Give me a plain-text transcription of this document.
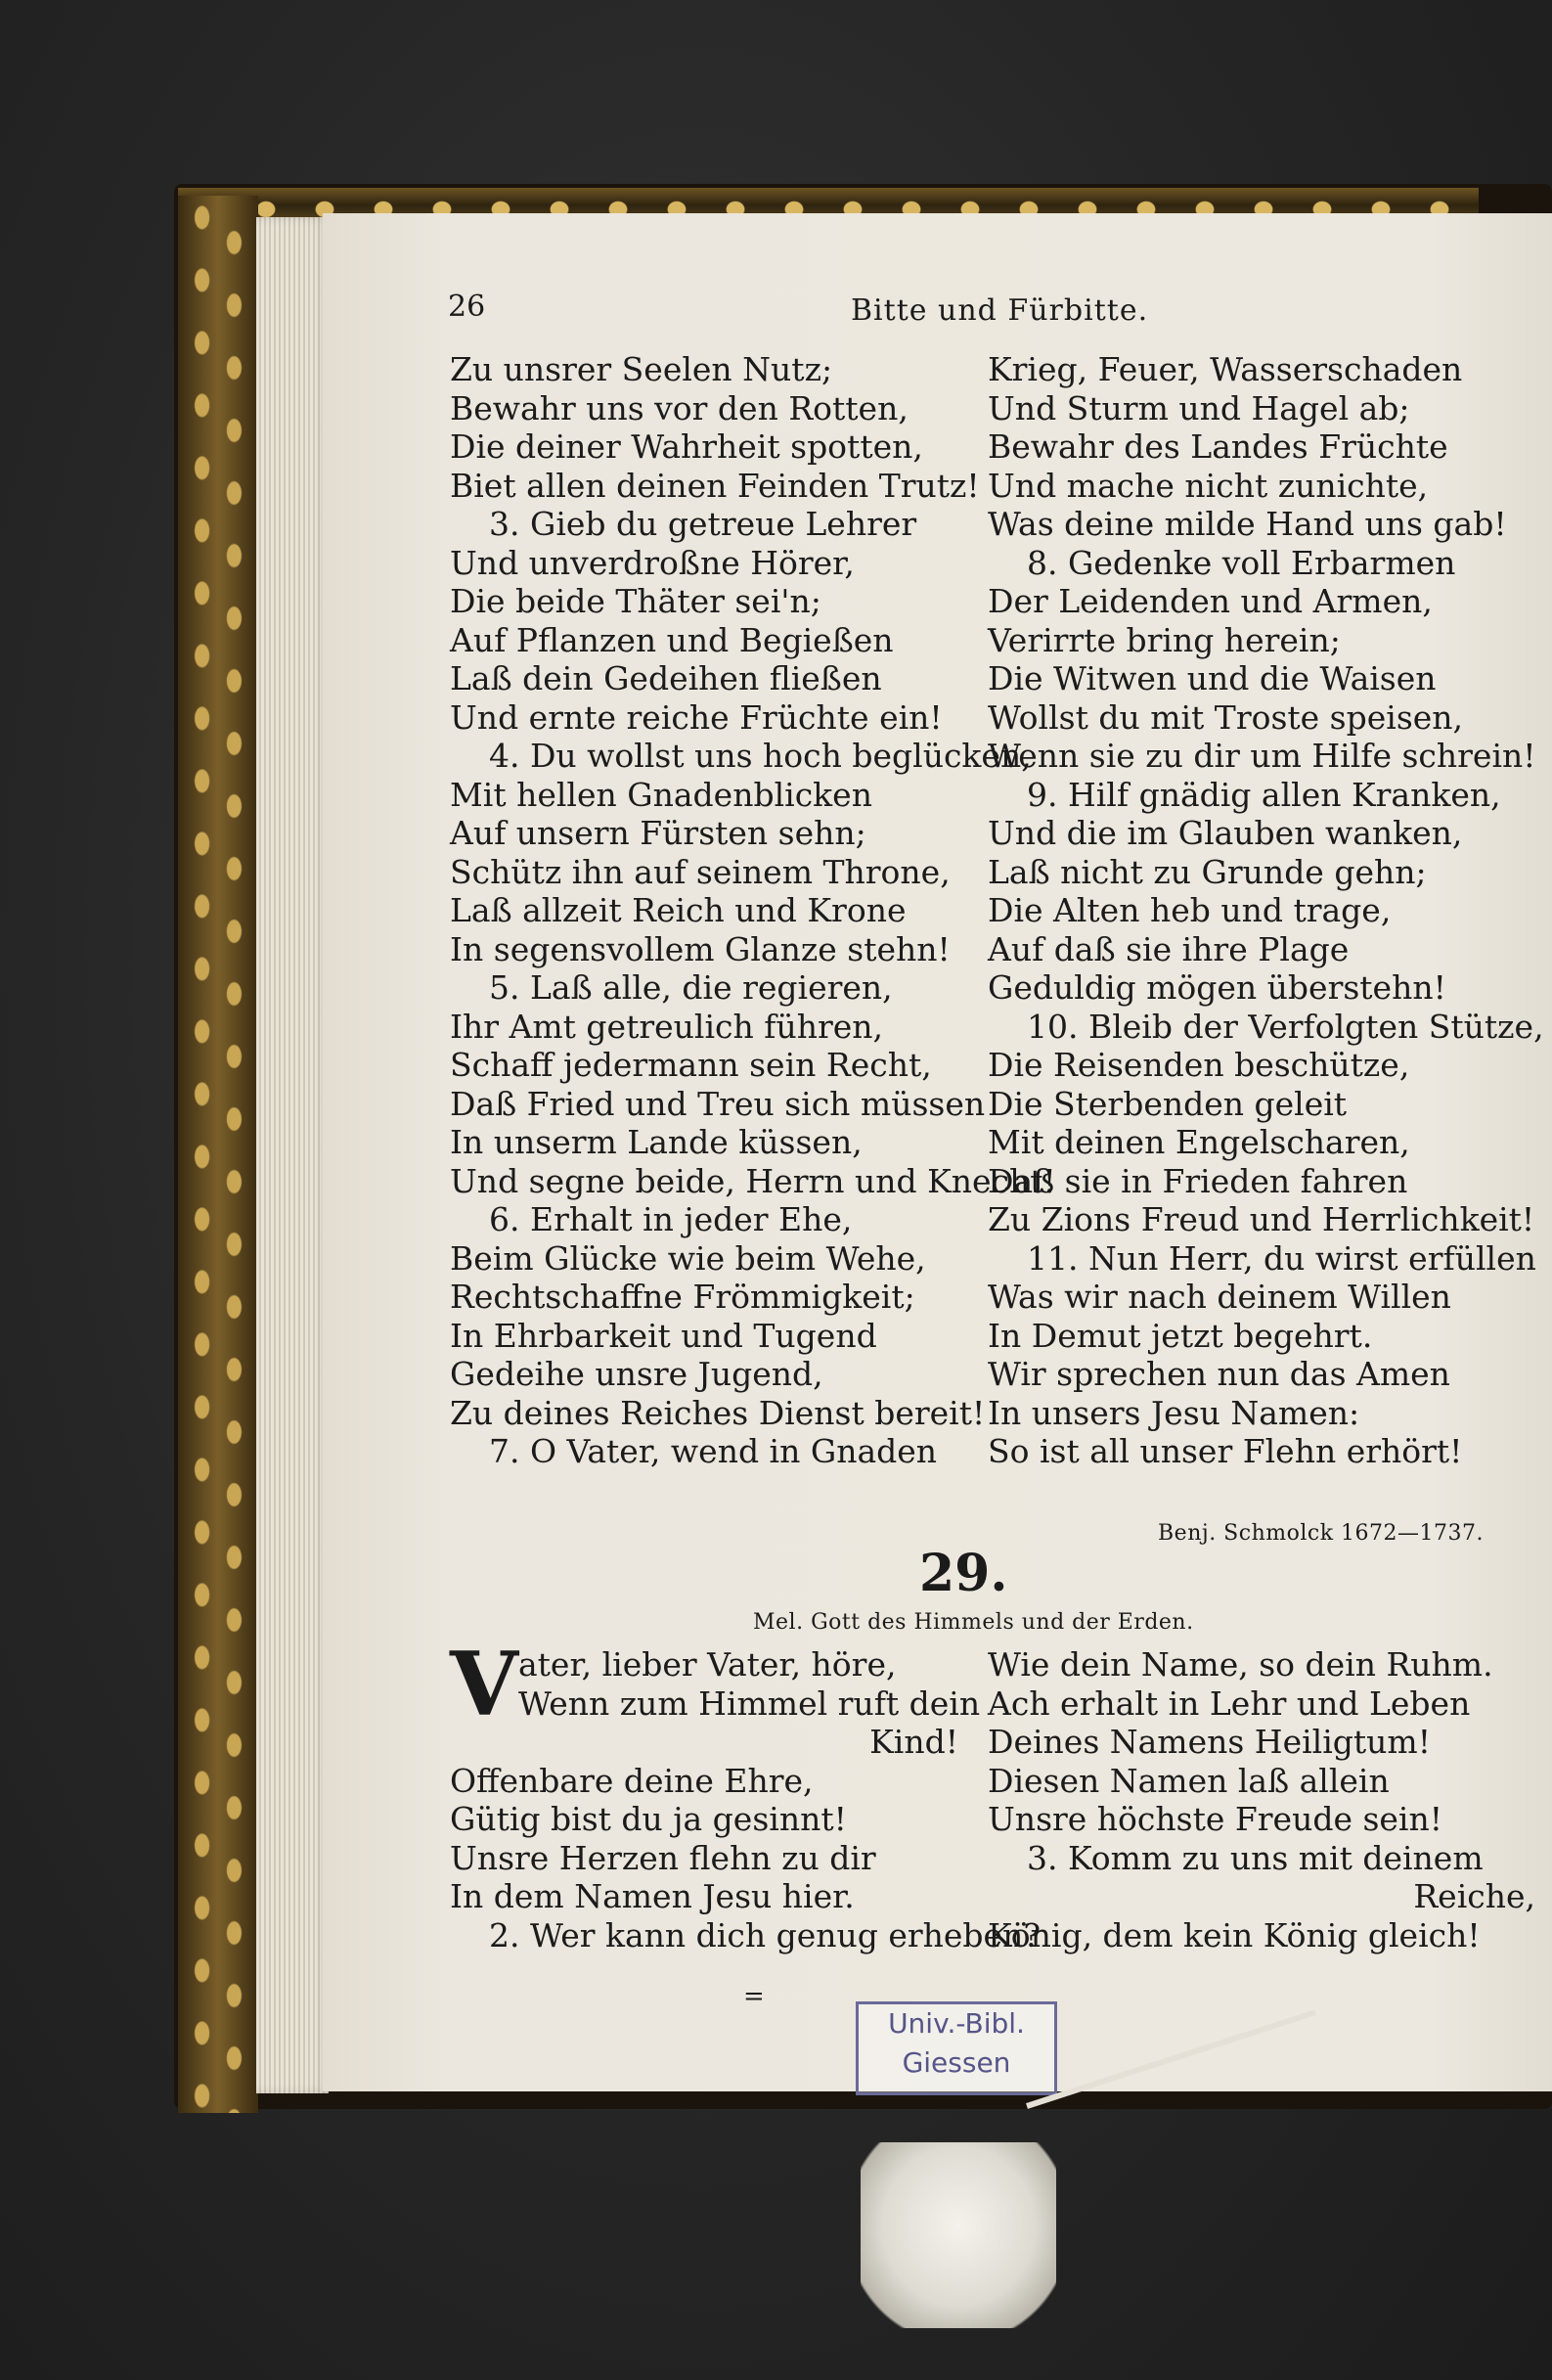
26	Bitte und Fürbitte.
Zu unsrer Seelen Nutz;
Bewahr uns vor den Rotten,
Die deiner Wahrheit spotten,
Biet allen deinen Feinden Trutz!
3. Gieb du getreue Lehrer
Und unverdroßne Hörer,
Die beide Thäter sei'n;
Auf Pflanzen und Begießen
Laß dein Gedeihen fließen
Und ernte reiche Früchte ein!
4. Du wollst uns hoch beglücken,
Mit hellen Gnadenblicken
Auf unsern Fürsten sehn;
Schütz ihn auf seinem Throne,
Laß allzeit Reich und Krone
In segensvollem Glanze stehn!
5. Laß alle, die regieren,
Ihr Amt getreulich führen,
Schaff jedermann sein Recht,
Daß Fried und Treu sich müssen
In unserm Lande küssen,
Und segne beide, Herrn und Knecht!
6. Erhalt in jeder Ehe,
Beim Glücke wie beim Wehe,
Rechtschaffne Frömmigkeit;
In Ehrbarkeit und Tugend
Gedeihe unsre Jugend,
Zu deines Reiches Dienst bereit!
7. O Vater, wend in Gnaden
Krieg, Feuer, Wasserschaden
Und Sturm und Hagel ab;
Bewahr des Landes Früchte
Und mache nicht zunichte,
Was deine milde Hand uns gab!
8. Gedenke voll Erbarmen
Der Leidenden und Armen,
Verirrte bring herein;
Die Witwen und die Waisen
Wollst du mit Troste speisen,
Wenn sie zu dir um Hilfe schrein!
9. Hilf gnädig allen Kranken,
Und die im Glauben wanken,
Laß nicht zu Grunde gehn;
Die Alten heb und trage,
Auf daß sie ihre Plage
Geduldig mögen überstehn!
10. Bleib der Verfolgten Stütze,
Die Reisenden beschütze,
Die Sterbenden geleit
Mit deinen Engelscharen,
Daß sie in Frieden fahren
Zu Zions Freud und Herrlichkeit!
11. Nun Herr, du wirst erfüllen
Was wir nach deinem Willen
In Demut jetzt begehrt.
Wir sprechen nun das Amen
In unsers Jesu Namen:
So ist all unser Flehn erhört!
Benj. Schmolck 1672—1737.
29.
Mel. Gott des Himmels und der Erden.
V ater, lieber Vater, höre,
Wenn zum Himmel ruft dein
Kind!
Offenbare deine Ehre,
Gütig bist du ja gesinnt!
Unsre Herzen flehn zu dir
In dem Namen Jesu hier.
2. Wer kann dich genug erheben?
Wie dein Name, so dein Ruhm.
Ach erhalt in Lehr und Leben
Deines Namens Heiligtum!
Diesen Namen laß allein
Unsre höchste Freude sein!
3. Komm zu uns mit deinem
Reiche,
König, dem kein König gleich!
=
Univ.-Bibl.
Giessen
